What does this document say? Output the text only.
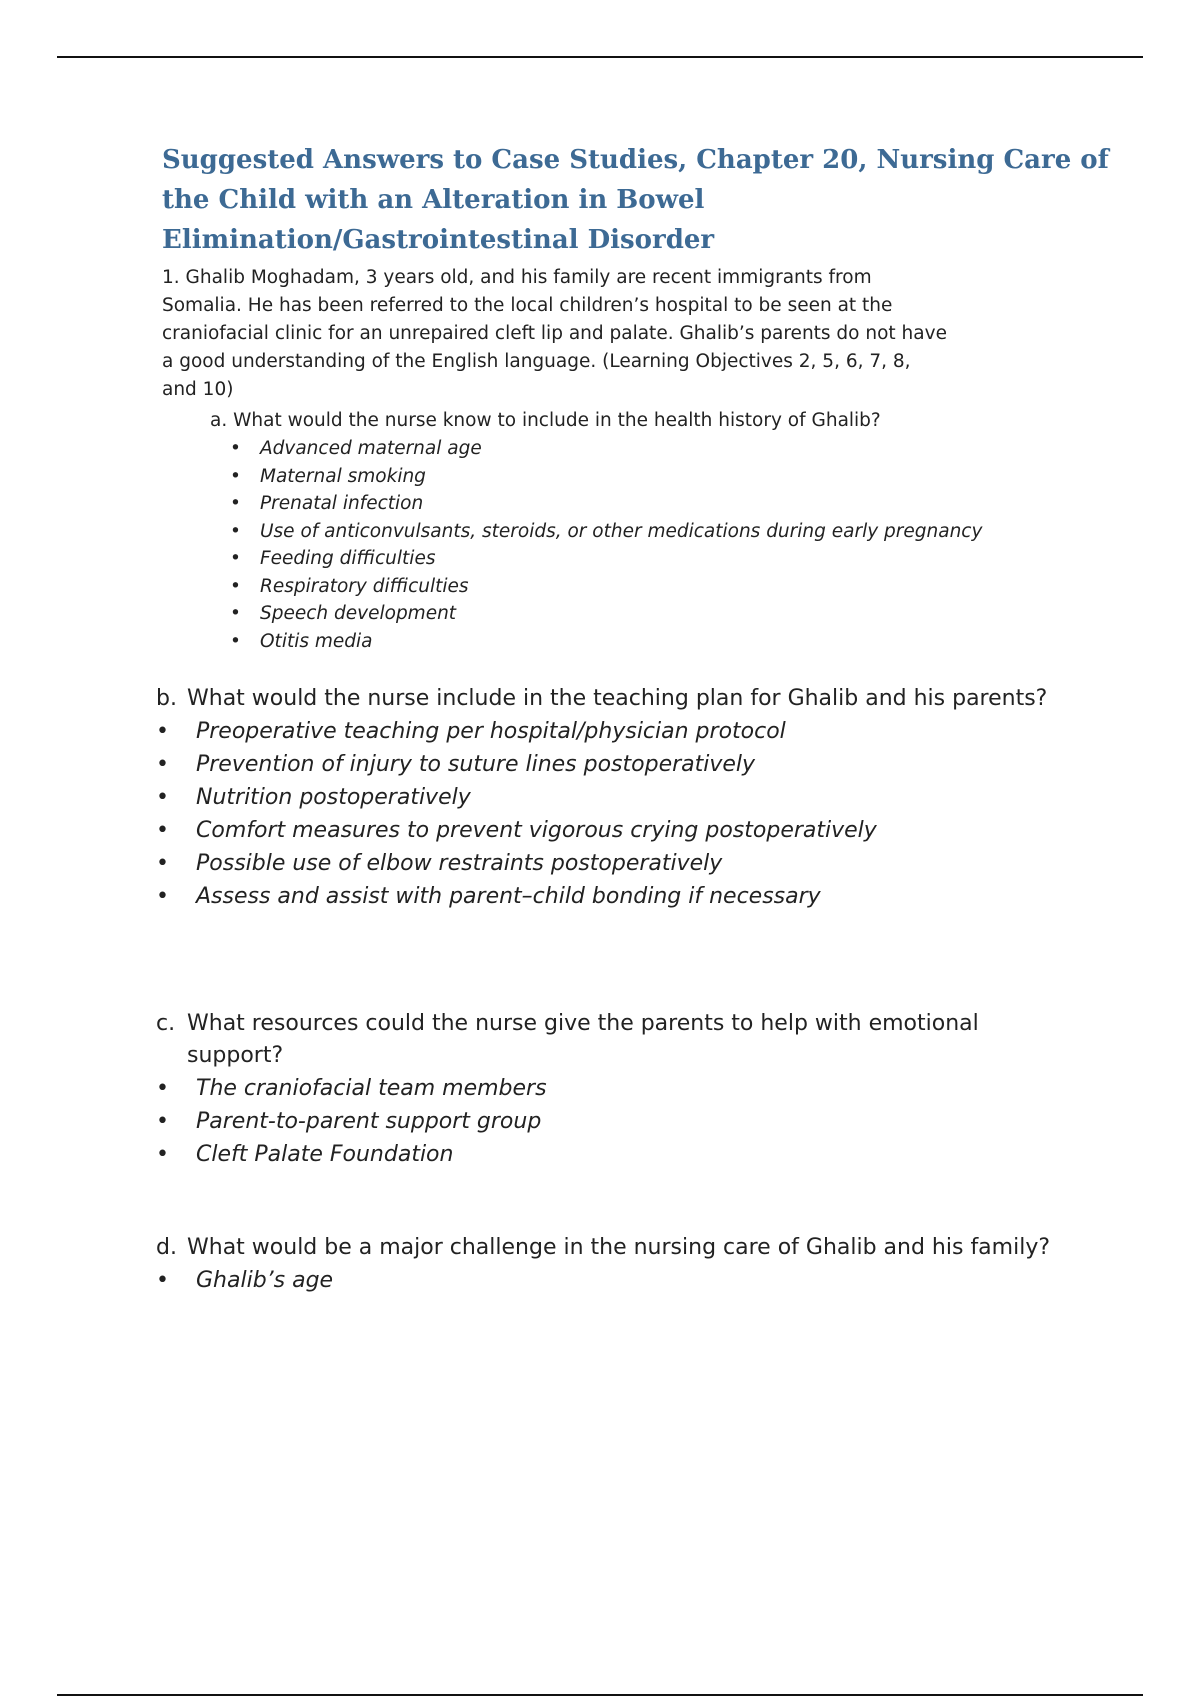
Suggested Answers to Case Studies, Chapter 20, Nursing Care of
the Child with an Alteration in Bowel
Elimination/Gastrointestinal Disorder

1. Ghalib Moghadam, 3 years old, and his family are recent immigrants from

Somalia. He has been referred to the local children’s hospital to be seen at the

craniofacial clinic for an unrepaired cleft lip and palate. Ghalib’s parents do not have

a good understanding of the English language. (Learning Objectives 2, 5, 6, 7, 8,

and 10)

a. What would the nurse know to include in the health history of Ghalib?
• Advanced maternal age
• Maternal smoking
• Prenatal infection
• Use of anticonvulsants, steroids, or other medications during early pregnancy
• Feeding difficulties
• Respiratory difficulties
• Speech development
• Otitis media
b. What would the nurse include in the teaching plan for Ghalib and his parents?
• Preoperative teaching per hospital/physician protocol
• Prevention of injury to suture lines postoperatively
• Nutrition postoperatively
• Comfort measures to prevent vigorous crying postoperatively
• Possible use of elbow restraints postoperatively
• Assess and assist with parent–child bonding if necessary
c. What resources could the nurse give the parents to help with emotional support?
• The craniofacial team members
• Parent-to-parent support group
• Cleft Palate Foundation
d. What would be a major challenge in the nursing care of Ghalib and his family?
• Ghalib’s age
